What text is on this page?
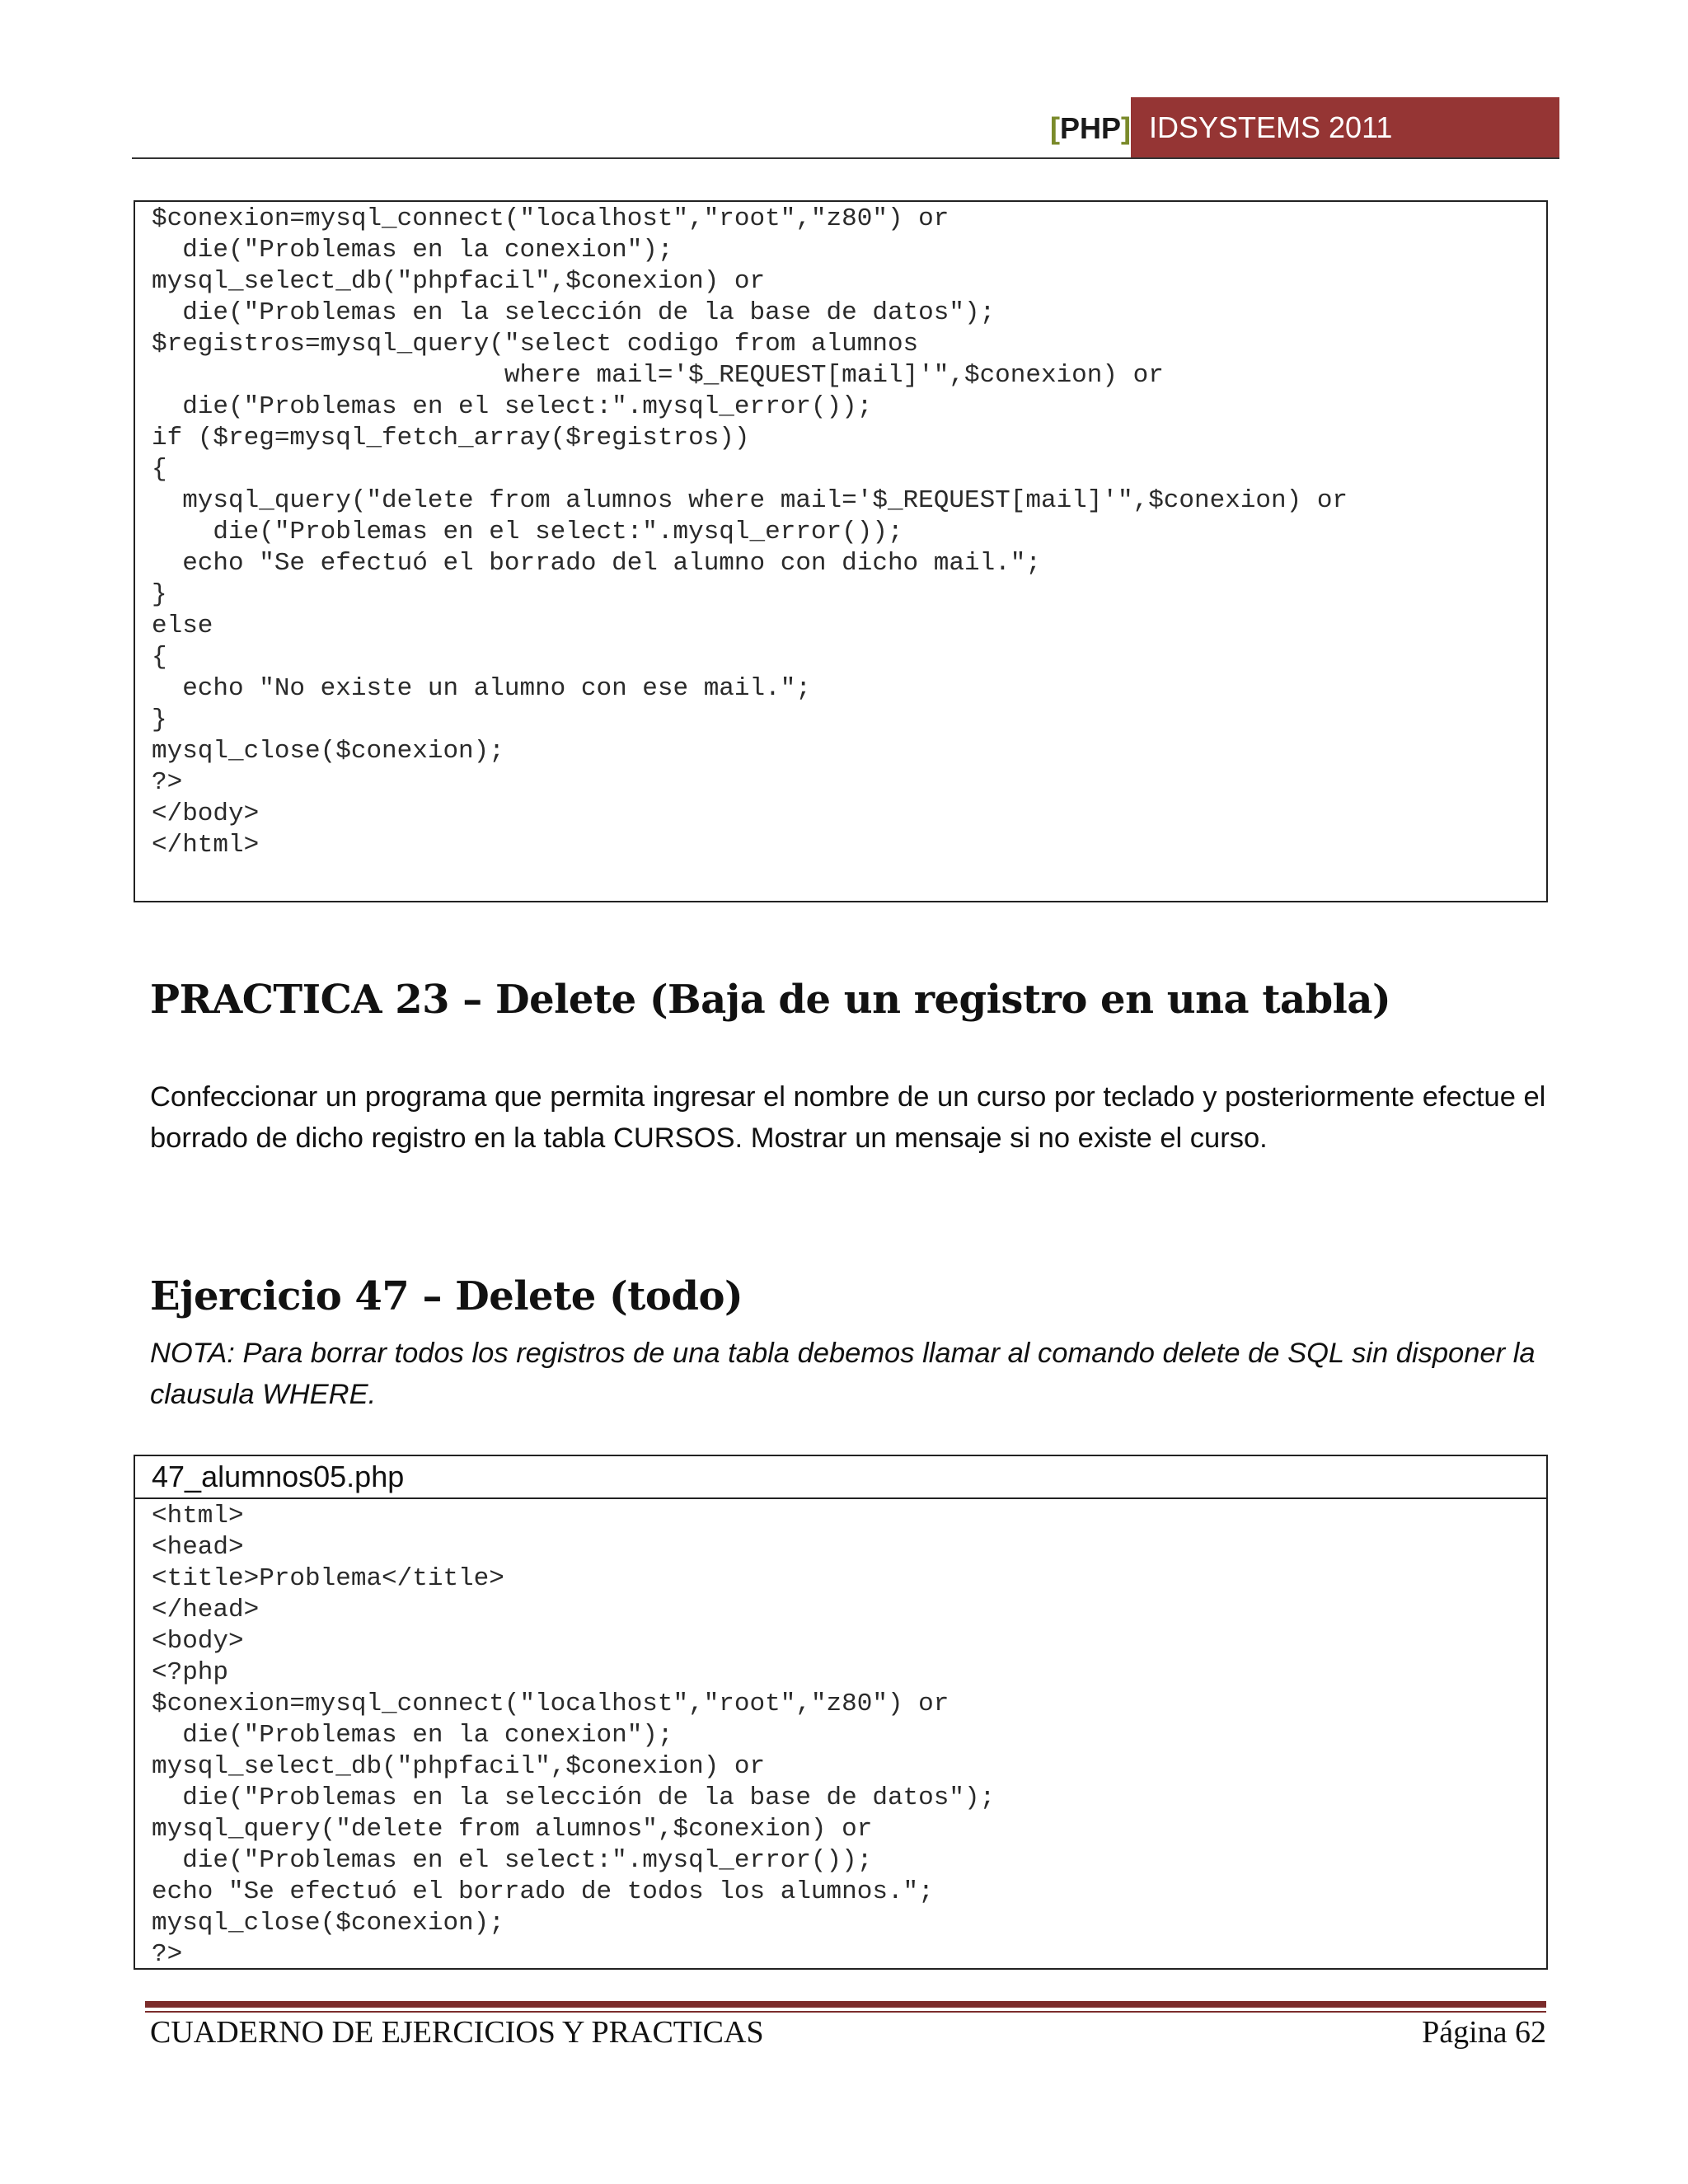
[ PHP ] IDSYSTEMS 2011
$conexion=mysql_connect("localhost","root","z80") or
die("Problemas en la conexion");
mysql_select_db("phpfacil",$conexion) or
die("Problemas en la selección de la base de datos");
$registros=mysql_query("select codigo from alumnos
where mail='$_REQUEST[mail]'",$conexion) or
die("Problemas en el select:".mysql_error());
if ($reg=mysql_fetch_array($registros))
{
mysql_query("delete from alumnos where mail='$_REQUEST[mail]'",$conexion) or
die("Problemas en el select:".mysql_error());
echo "Se efectuó el borrado del alumno con dicho mail.";
}
else
{
echo "No existe un alumno con ese mail.";
}
mysql_close($conexion);
?>
</body>
</html>
PRACTICA 23 – Delete (Baja de un registro en una tabla)

Confeccionar un programa que permita ingresar el nombre de un curso por teclado y posteriormente efectue el borrado de dicho registro en la tabla CURSOS. Mostrar un mensaje si no existe el curso.

Ejercicio 47 – Delete (todo)

NOTA: Para borrar todos los registros de una tabla debemos llamar al comando delete de SQL sin disponer la clausula WHERE.

47_alumnos05.php
<html>
<head>
<title>Problema</title>
</head>
<body>
<?php
$conexion=mysql_connect("localhost","root","z80") or
die("Problemas en la conexion");
mysql_select_db("phpfacil",$conexion) or
die("Problemas en la selección de la base de datos");
mysql_query("delete from alumnos",$conexion) or
die("Problemas en el select:".mysql_error());
echo "Se efectuó el borrado de todos los alumnos.";
mysql_close($conexion);
?>
CUADERNO DE EJERCICIOS Y PRACTICAS	Página 62
